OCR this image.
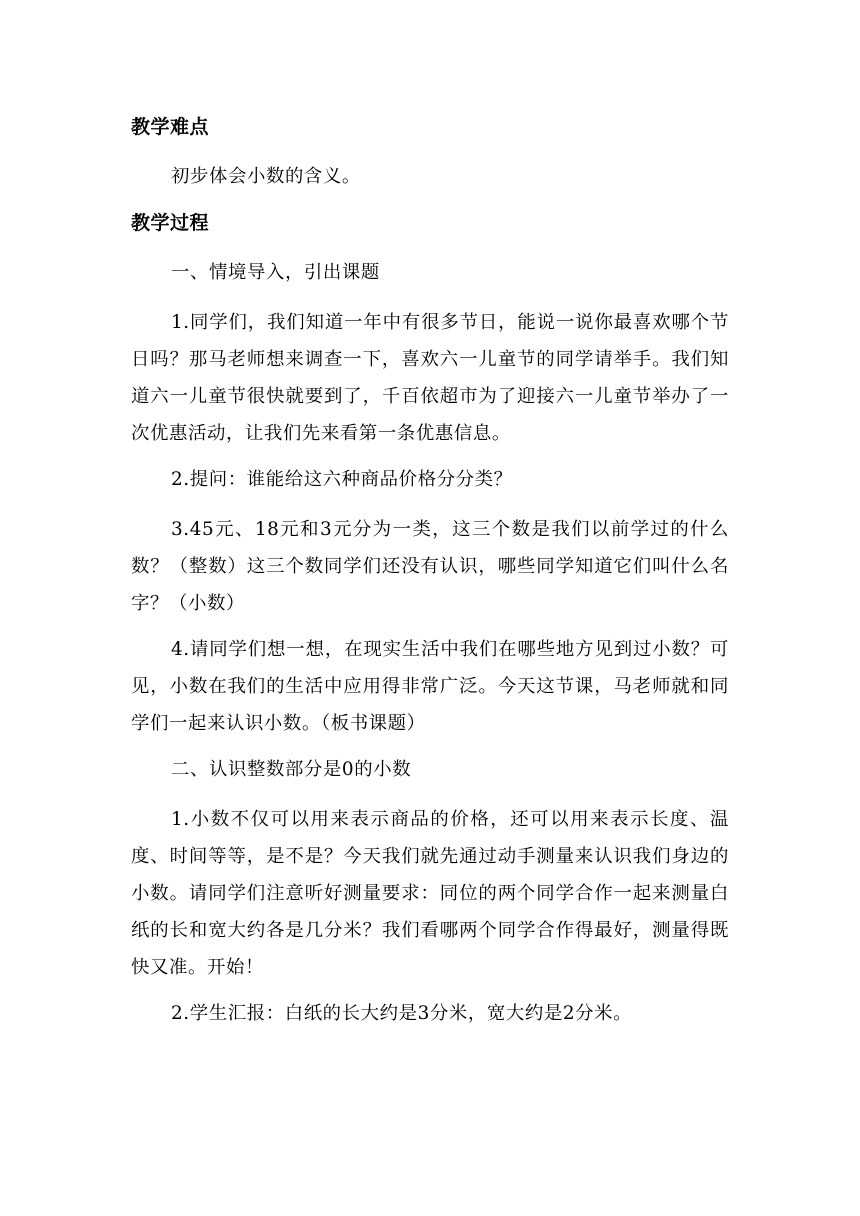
教学难点
初步体会小数的含义。
教学过程
一、情境导入，引出课题
1.同学们，我们知道一年中有很多节日，能说一说你最喜欢哪个节日吗？那马老师想来调查一下，喜欢六一儿童节的同学请举手。我们知道六一儿童节很快就要到了，千百依超市为了迎接六一儿童节举办了一次优惠活动，让我们先来看第一条优惠信息。
2.提问：谁能给这六种商品价格分分类？
3.45元、18元和3元分为一类，这三个数是我们以前学过的什么数？（整数）这三个数同学们还没有认识，哪些同学知道它们叫什么名字？（小数）
4.请同学们想一想，在现实生活中我们在哪些地方见到过小数？可见，小数在我们的生活中应用得非常广泛。今天这节课，马老师就和同学们一起来认识小数。（板书课题）
二、认识整数部分是0的小数
1.小数不仅可以用来表示商品的价格，还可以用来表示长度、温度、时间等等，是不是？今天我们就先通过动手测量来认识我们身边的小数。请同学们注意听好测量要求：同位的两个同学合作一起来测量白纸的长和宽大约各是几分米？我们看哪两个同学合作得最好，测量得既快又准。开始！
2.学生汇报：白纸的长大约是3分米，宽大约是2分米。
